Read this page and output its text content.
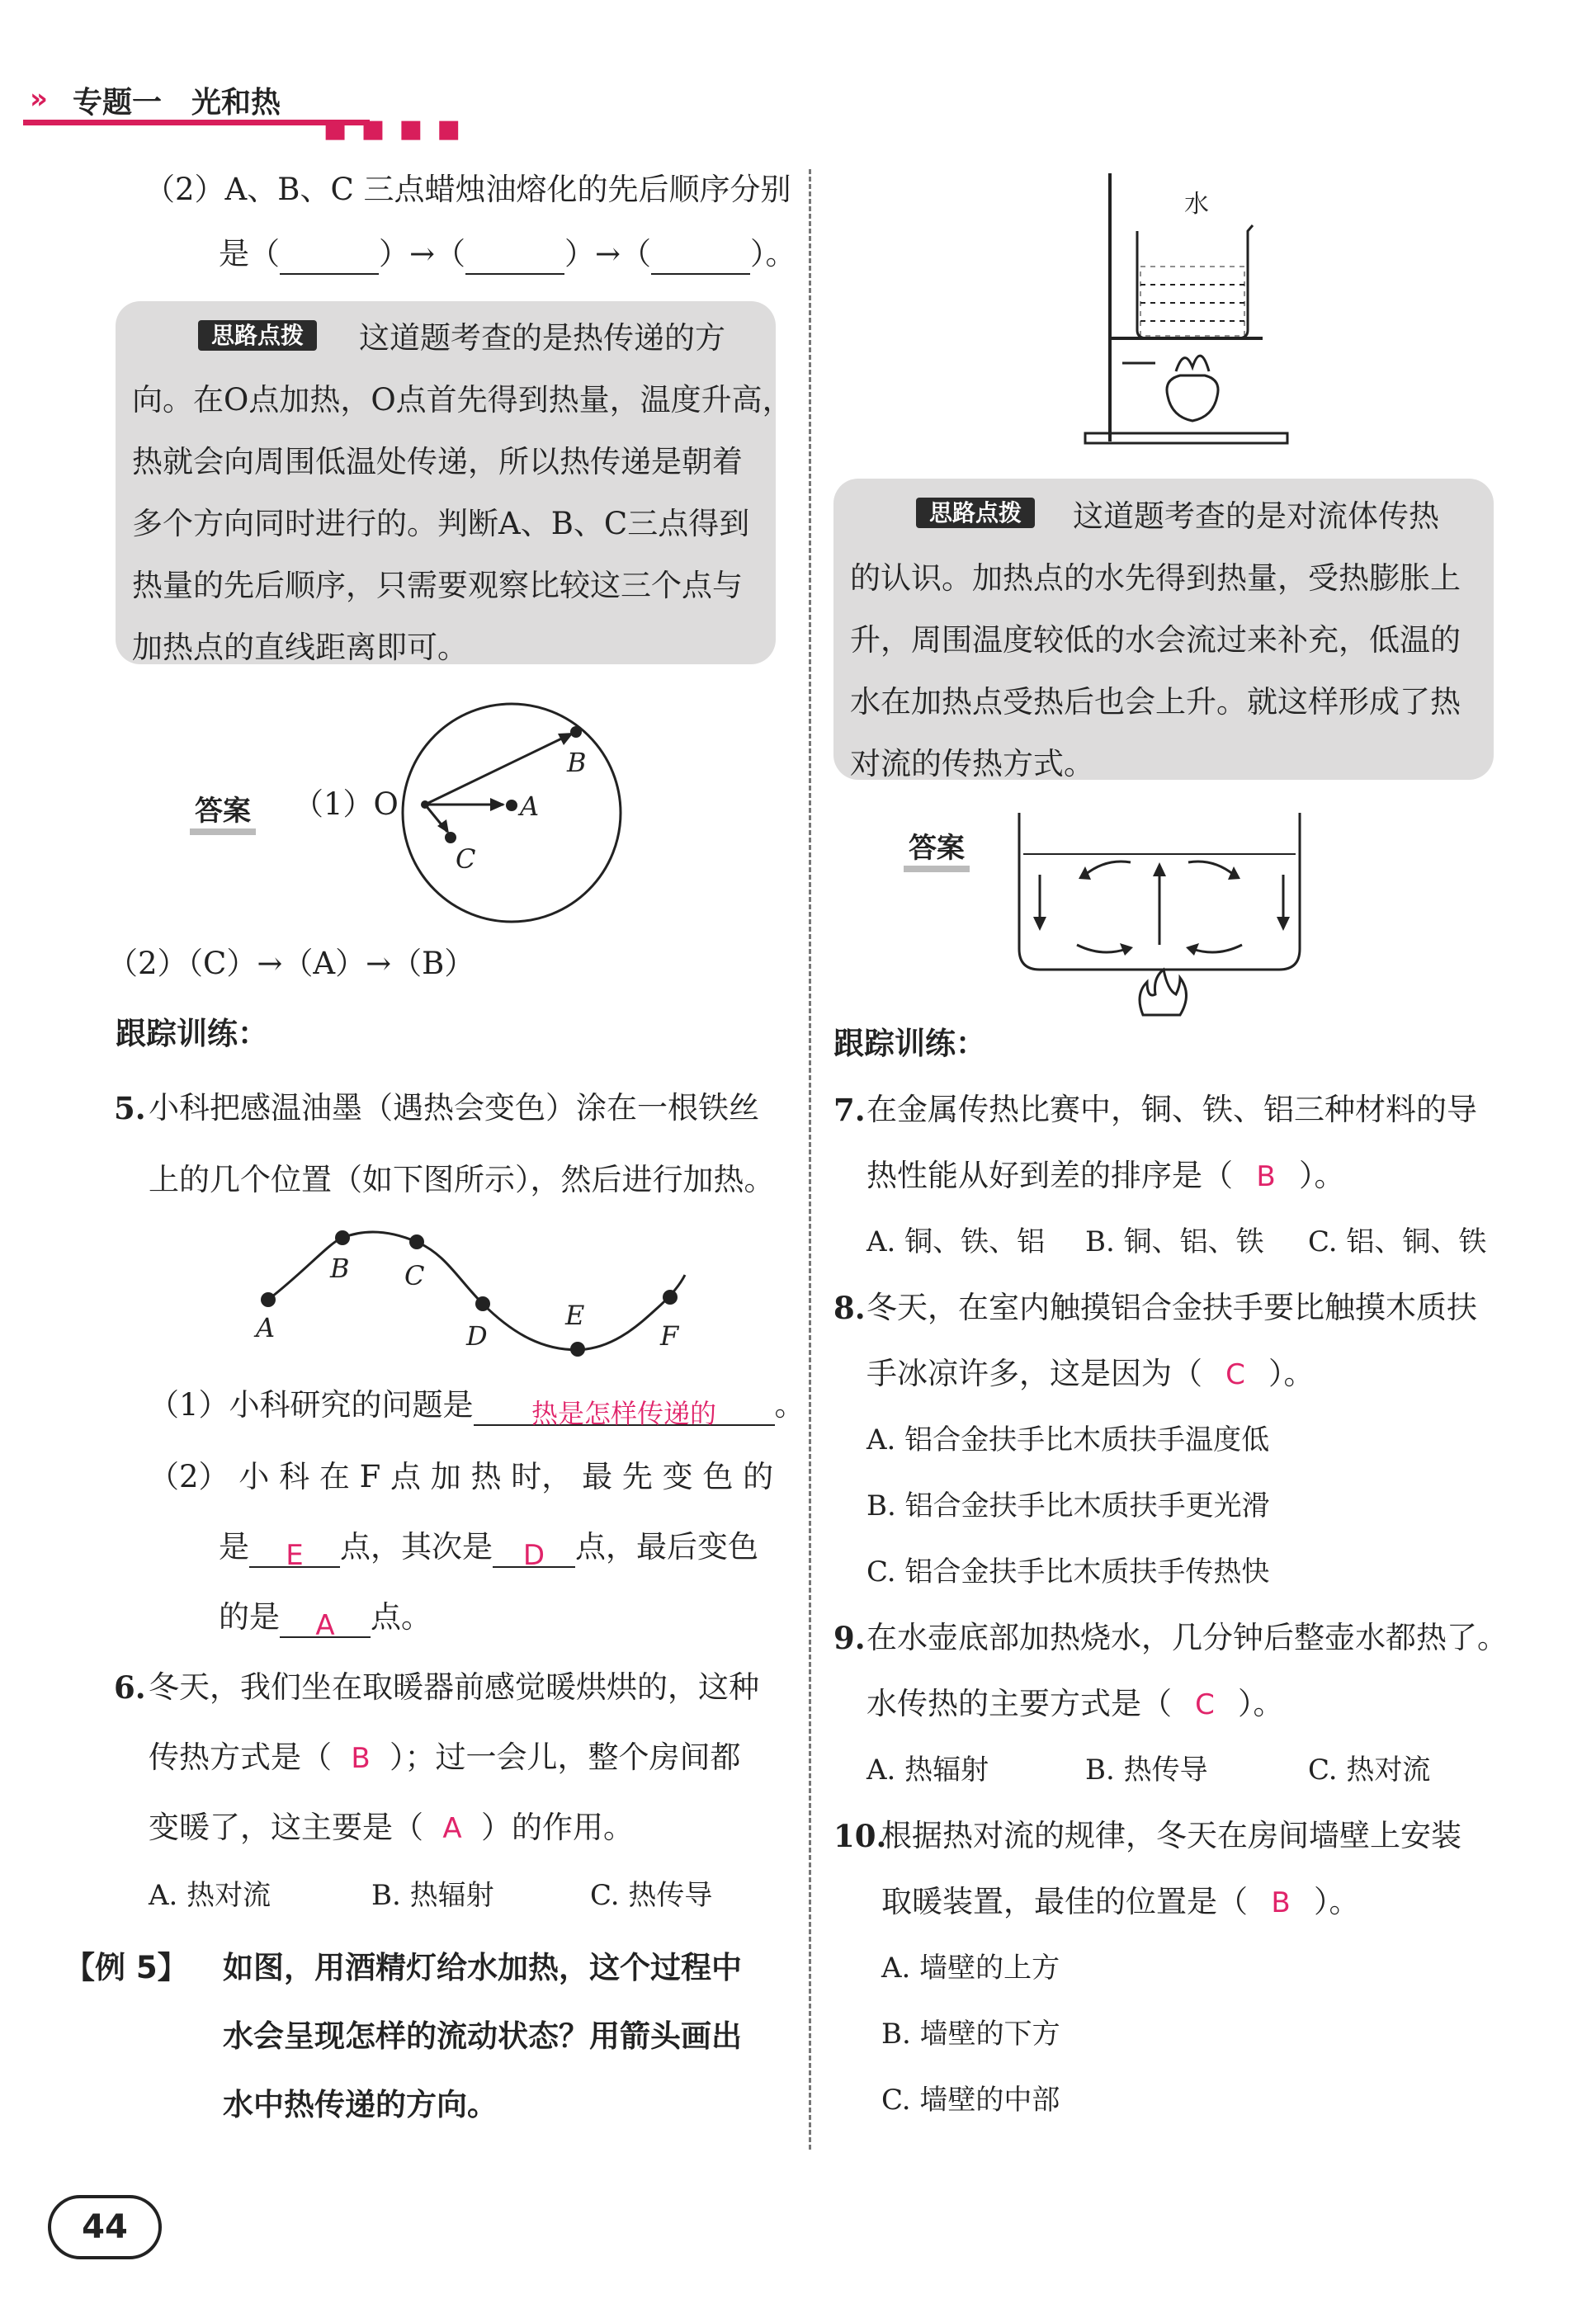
» 专题一　光和热
■ ■ ■ ■
（2）A、B、C 三点蜡烛油熔化的先后顺序分别
是（	）→（	）→（	）。
思路点拨	这道题考查的是热传递的方
向。在O点加热，O点首先得到热量，温度升高，
热就会向周围低温处传递，所以热传递是朝着
多个方向同时进行的。判断A、B、C三点得到
热量的先后顺序，只需要观察比较这三个点与
加热点的直线距离即可。
答案 （1）O
B
A
C
（2）（C）→（A）→（B）
跟踪训练：
5. 小科把感温油墨（遇热会变色）涂在一根铁丝
上的几个位置（如下图所示），然后进行加热。
A
B C
D
E
F
（1）小科研究的问题是 热是怎样传递的 。
（2） 小 科 在 F 点 加 热 时， 最 先 变 色 的
是 E 点，其次是 D 点，最后变色
的是 A 点。
6. 冬天，我们坐在取暖器前感觉暖烘烘的，这种
传热方式是（ B ）；过一会儿，整个房间都
变暖了，这主要是（ A ）的作用。
A. 热对流	B. 热辐射	C. 热传导
【例 5】 如图，用酒精灯给水加热，这个过程中
水会呈现怎样的流动状态？用箭头画出
水中热传递的方向。
水
思路点拨	这道题考查的是对流体传热
的认识。加热点的水先得到热量，受热膨胀上
升，周围温度较低的水会流过来补充，低温的
水在加热点受热后也会上升。就这样形成了热
对流的传热方式。
答案
跟踪训练：
7. 在金属传热比赛中，铜、铁、铝三种材料的导
热性能从好到差的排序是（ B ）。
A. 铜、铁、铝 B. 铜、铝、铁 C. 铝、铜、铁
8. 冬天，在室内触摸铝合金扶手要比触摸木质扶
手冰凉许多，这是因为（ C ）。
A. 铝合金扶手比木质扶手温度低
B. 铝合金扶手比木质扶手更光滑
C. 铝合金扶手比木质扶手传热快
9. 在水壶底部加热烧水，几分钟后整壶水都热了。
水传热的主要方式是（ C ）。
A. 热辐射	B. 热传导	C. 热对流
10.
根据热对流的规律，冬天在房间墙壁上安装
取暖装置，最佳的位置是（ B ）。
A. 墙壁的上方
B. 墙壁的下方
C. 墙壁的中部
44
